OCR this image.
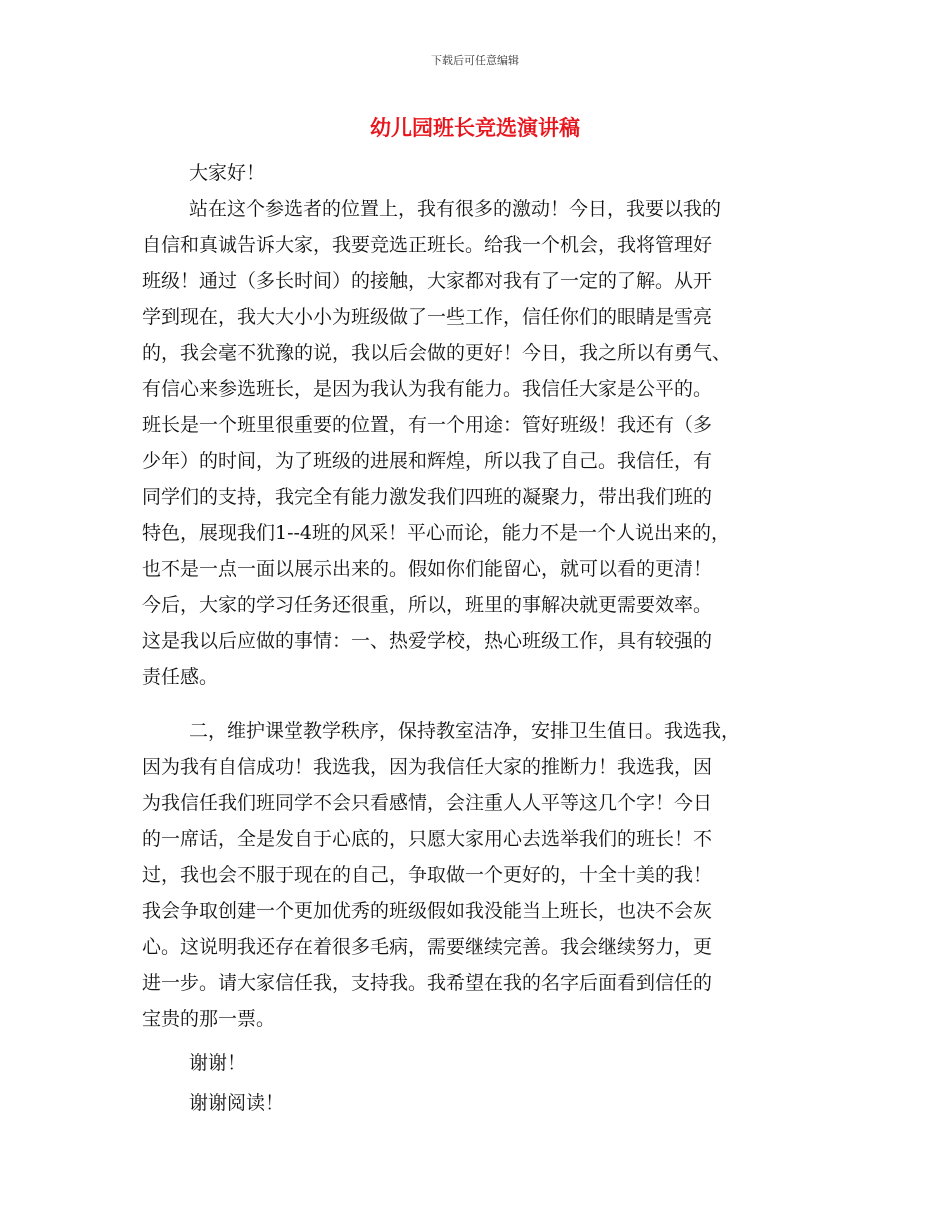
下载后可任意编辑
幼儿园班长竞选演讲稿
大家好！
站在这个参选者的位置上，我有很多的激动！今日，我要以我的
自信和真诚告诉大家，我要竞选正班长。给我一个机会，我将管理好
班级！通过（多长时间）的接触，大家都对我有了一定的了解。从开
学到现在，我大大小小为班级做了一些工作，信任你们的眼睛是雪亮
的，我会毫不犹豫的说，我以后会做的更好！今日，我之所以有勇气、
有信心来参选班长，是因为我认为我有能力。我信任大家是公平的。
班长是一个班里很重要的位置，有一个用途：管好班级！我还有（多
少年）的时间，为了班级的进展和辉煌，所以我了自己。我信任，有
同学们的支持，我完全有能力激发我们四班的凝聚力，带出我们班的
特色，展现我们1--4班的风采！平心而论，能力不是一个人说出来的，
也不是一点一面以展示出来的。假如你们能留心，就可以看的更清！
今后，大家的学习任务还很重，所以，班里的事解决就更需要效率。
这是我以后应做的事情：一、热爱学校，热心班级工作，具有较强的
责任感。
二，维护课堂教学秩序，保持教室洁净，安排卫生值日。我选我，
因为我有自信成功！我选我，因为我信任大家的推断力！我选我，因
为我信任我们班同学不会只看感情，会注重人人平等这几个字！今日
的一席话，全是发自于心底的，只愿大家用心去选举我们的班长！不
过，我也会不服于现在的自己，争取做一个更好的，十全十美的我！
我会争取创建一个更加优秀的班级假如我没能当上班长，也决不会灰
心。这说明我还存在着很多毛病，需要继续完善。我会继续努力，更
进一步。请大家信任我，支持我。我希望在我的名字后面看到信任的
宝贵的那一票。
谢谢！
谢谢阅读！
